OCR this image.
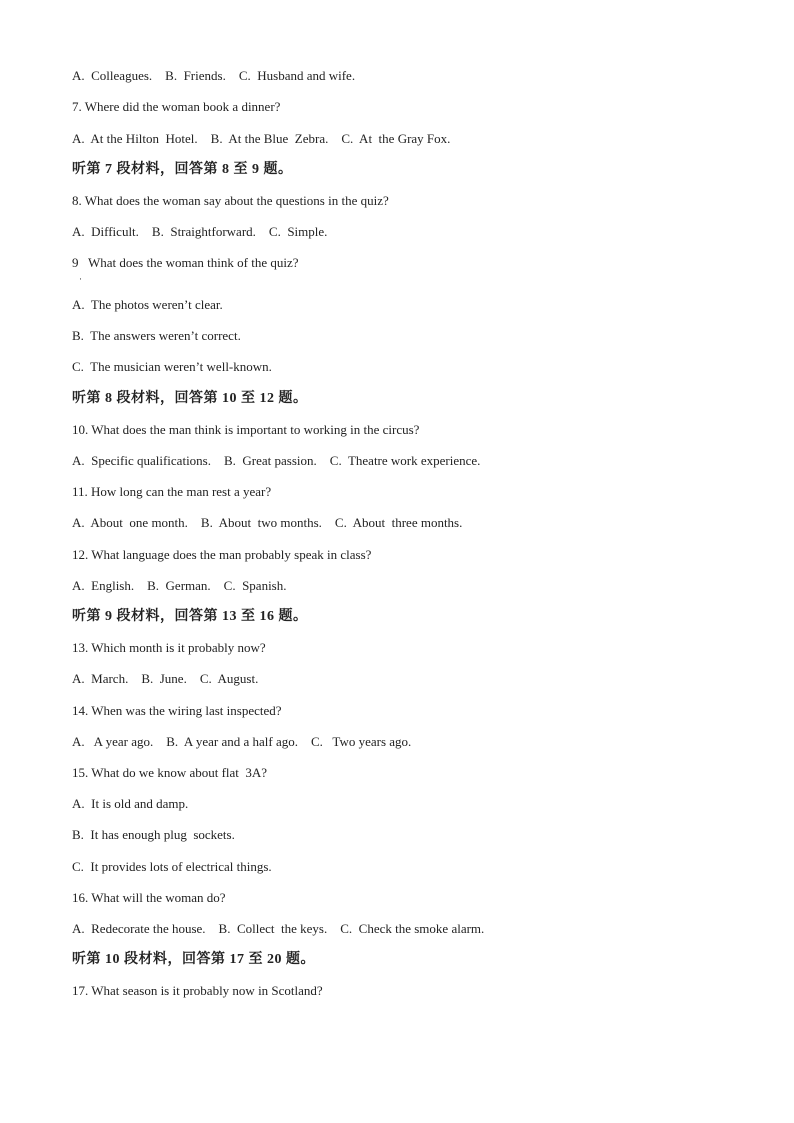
A.  Colleagues.    B.  Friends.    C.  Husband and wife.
7. Where did the woman book a dinner?
A.  At the Hilton  Hotel.    B.  At the Blue  Zebra.    C.  At  the Gray Fox.
听第 7 段材料，回答第 8 至 9 题。
8. What does the woman say about the questions in the quiz?
A.  Difficult.    B.  Straightforward.    C.  Simple.
9   What does the woman think of the quiz?
·
A.  The photos weren’t clear.
B.  The answers weren’t correct.
C.  The musician weren’t well-known.
听第 8 段材料，回答第 10 至 12 题。
10. What does the man think is important to working in the circus?
A.  Specific qualifications.    B.  Great passion.    C.  Theatre work experience.
11. How long can the man rest a year?
A.  About  one month.    B.  About  two months.    C.  About  three months.
12. What language does the man probably speak in class?
A.  English.    B.  German.    C.  Spanish.
听第 9 段材料，回答第 13 至 16 题。
13. Which month is it probably now?
A.  March.    B.  June.    C.  August.
14. When was the wiring last inspected?
A.   A year ago.    B.  A year and a half ago.    C.   Two years ago.
15. What do we know about flat  3A?
A.  It is old and damp.
B.  It has enough plug  sockets.
C.  It provides lots of electrical things.
16. What will the woman do?
A.  Redecorate the house.    B.  Collect  the keys.    C.  Check the smoke alarm.
听第 10 段材料，回答第 17 至 20 题。
17. What season is it probably now in Scotland?
